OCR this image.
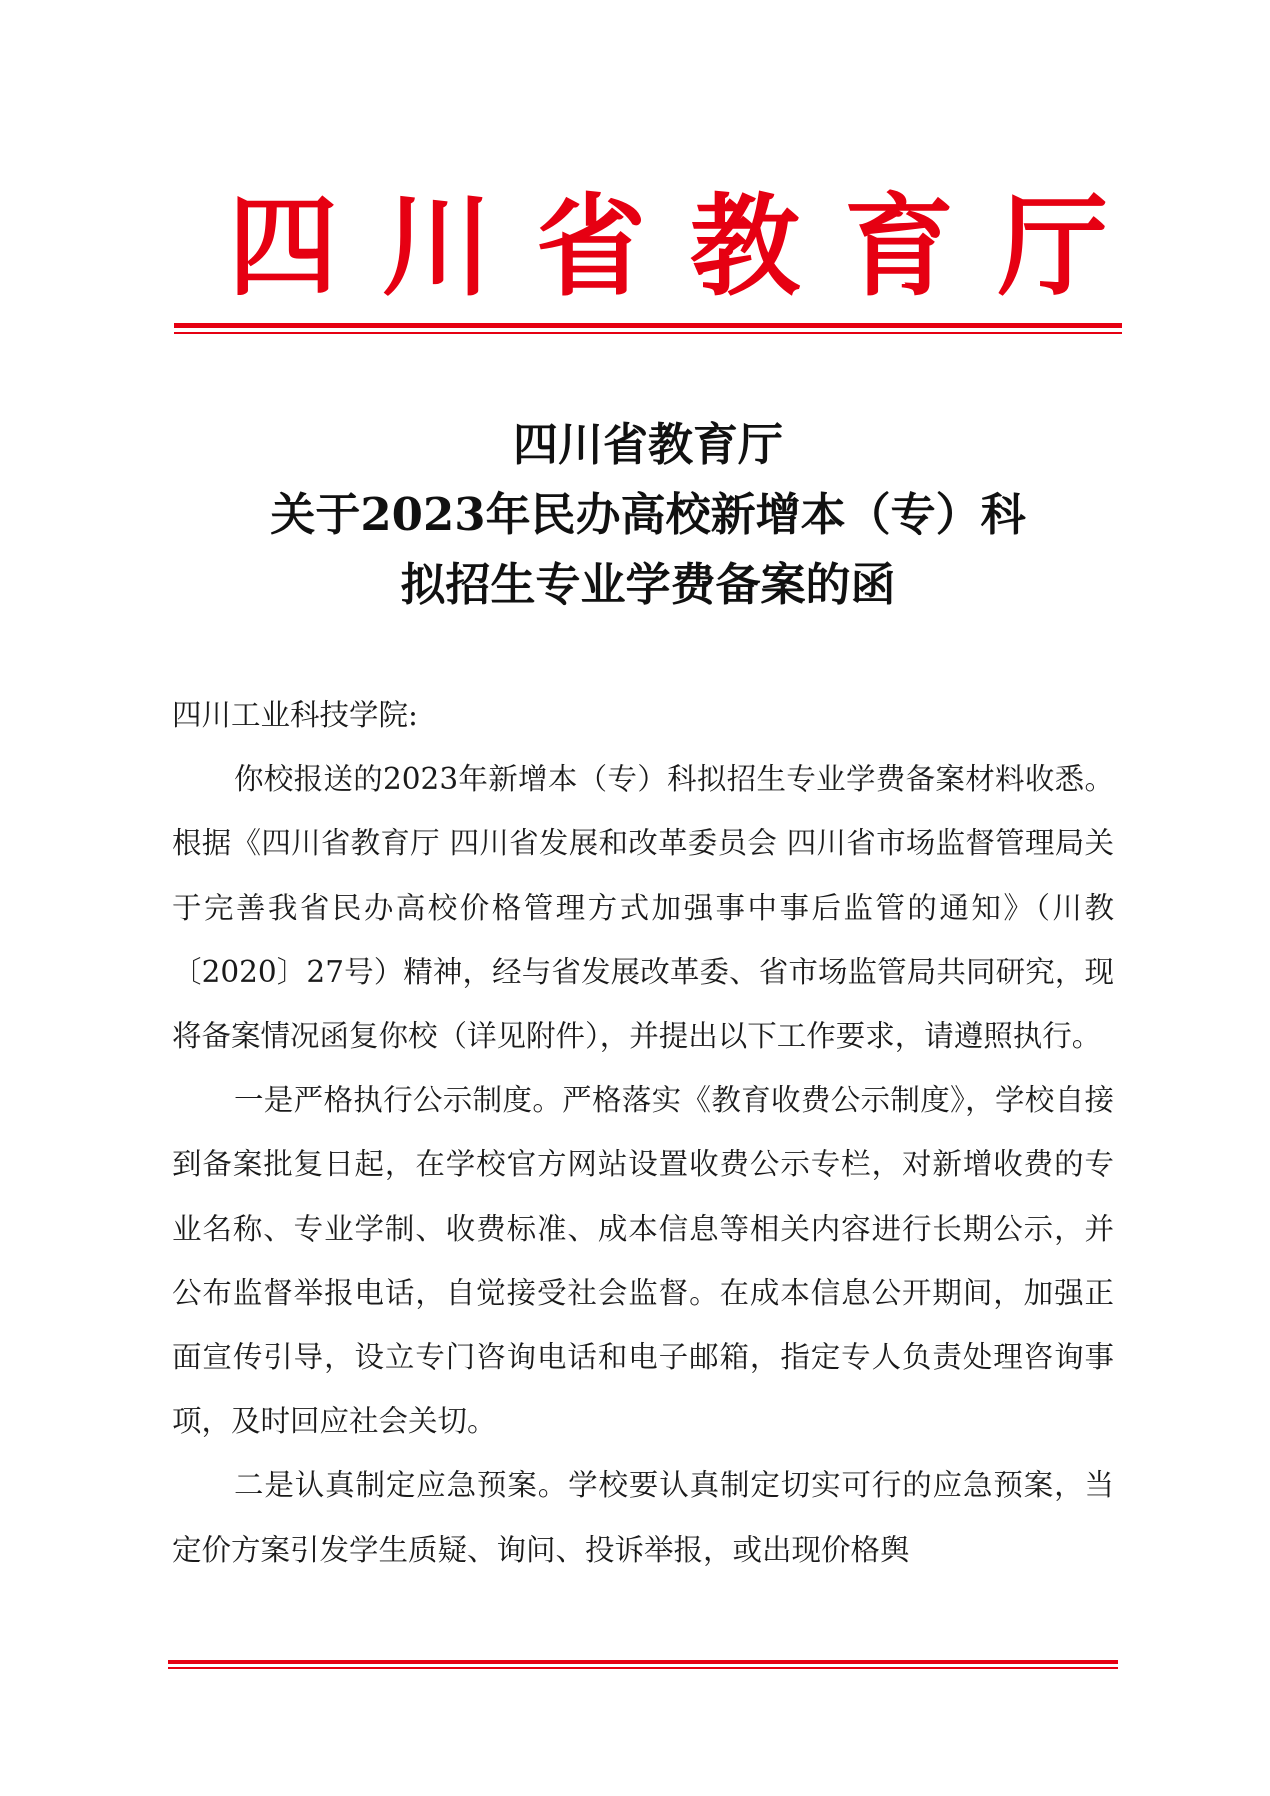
四 川 省 教 育 厅
四川省教育厅
关于2023年民办高校新增本（专）科
拟招生专业学费备案的函

四川工业科技学院:

你校报送的2023年新增本（专）科拟招生专业学费备案材料收悉。根据《四川省教育厅 四川省发展和改革委员会 四川省市场监督管理局关于完善我省民办高校价格管理方式加强事中事后监管的通知》（川教〔2020〕27号）精神，经与省发展改革委、省市场监管局共同研究，现将备案情况函复你校（详见附件），并提出以下工作要求，请遵照执行。

一是严格执行公示制度。严格落实《教育收费公示制度》，学校自接到备案批复日起，在学校官方网站设置收费公示专栏，对新增收费的专业名称、专业学制、收费标准、成本信息等相关内容进行长期公示，并公布监督举报电话，自觉接受社会监督。在成本信息公开期间，加强正面宣传引导，设立专门咨询电话和电子邮箱，指定专人负责处理咨询事项，及时回应社会关切。

二是认真制定应急预案。学校要认真制定切实可行的应急预案，当定价方案引发学生质疑、询问、投诉举报，或出现价格舆
